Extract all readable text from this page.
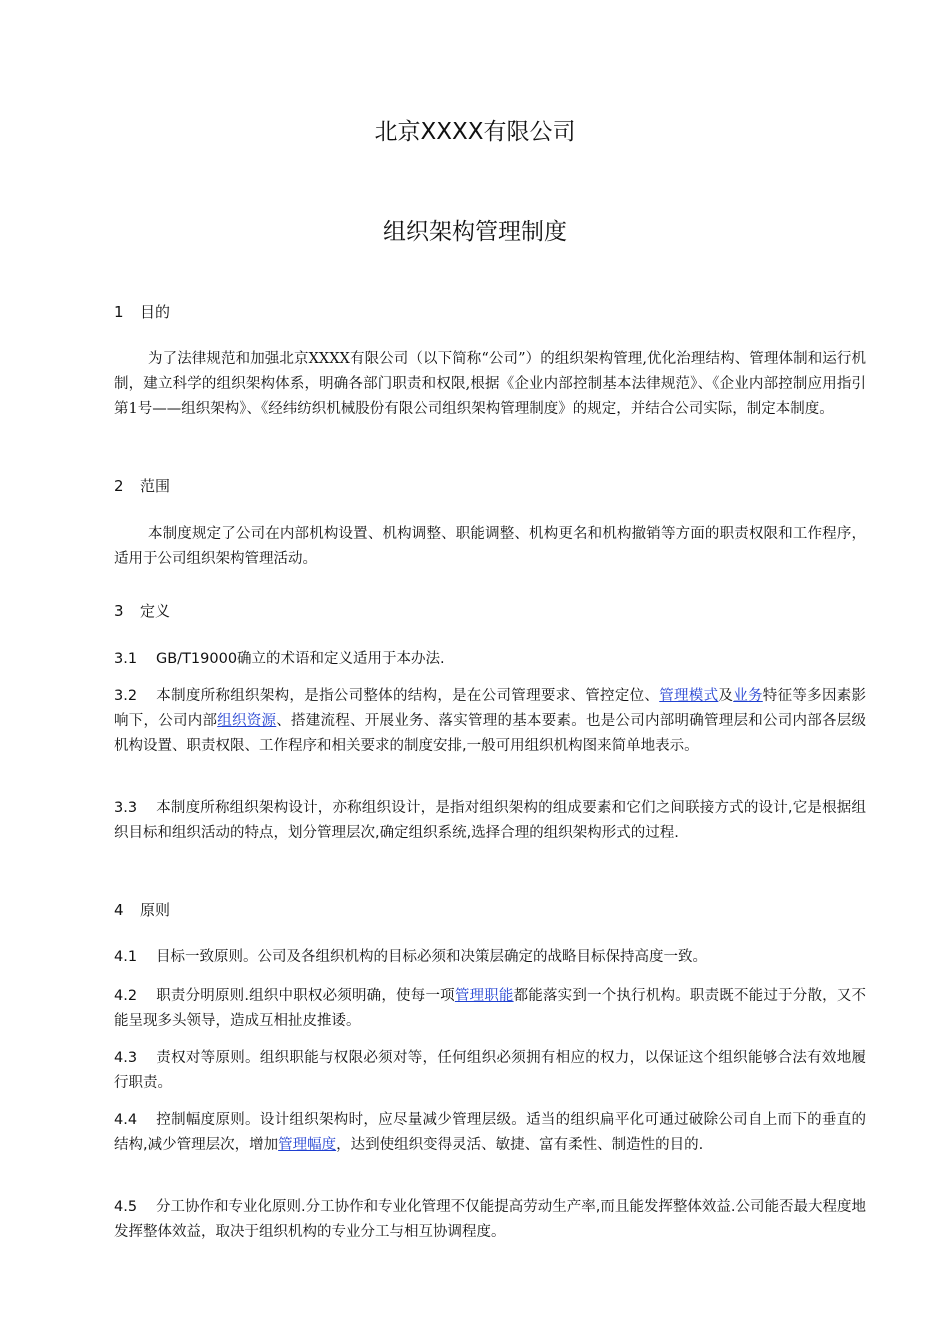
北京XXXX有限公司
组织架构管理制度
1 目的

为了法律规范和加强北京XXXX有限公司（以下简称“公司”）的组织架构管理,优化治理结构、管理体制和运行机制，建立科学的组织架构体系，明确各部门职责和权限,根据《企业内部控制基本法律规范》、《企业内部控制应用指引第1号——组织架构》、《经纬纺织机械股份有限公司组织架构管理制度》的规定，并结合公司实际，制定本制度。

2 范围

本制度规定了公司在内部机构设置、机构调整、职能调整、机构更名和机构撤销等方面的职责权限和工作程序，适用于公司组织架构管理活动。

3 定义

3.1 GB/T19000确立的术语和定义适用于本办法.

3.2 本制度所称组织架构，是指公司整体的结构，是在公司管理要求、管控定位、管理模式及业务特征等多因素影响下，公司内部组织资源、搭建流程、开展业务、落实管理的基本要素。也是公司内部明确管理层和公司内部各层级机构设置、职责权限、工作程序和相关要求的制度安排,一般可用组织机构图来简单地表示。

3.3 本制度所称组织架构设计，亦称组织设计，是指对组织架构的组成要素和它们之间联接方式的设计,它是根据组织目标和组织活动的特点，划分管理层次,确定组织系统,选择合理的组织架构形式的过程.

4 原则

4.1 目标一致原则。公司及各组织机构的目标必须和决策层确定的战略目标保持高度一致。

4.2 职责分明原则.组织中职权必须明确，使每一项管理职能都能落实到一个执行机构。职责既不能过于分散，又不能呈现多头领导，造成互相扯皮推诿。

4.3 责权对等原则。组织职能与权限必须对等，任何组织必须拥有相应的权力，以保证这个组织能够合法有效地履行职责。

4.4 控制幅度原则。设计组织架构时，应尽量减少管理层级。适当的组织扁平化可通过破除公司自上而下的垂直的结构,减少管理层次，增加管理幅度，达到使组织变得灵活、敏捷、富有柔性、制造性的目的.

4.5 分工协作和专业化原则.分工协作和专业化管理不仅能提高劳动生产率,而且能发挥整体效益.公司能否最大程度地发挥整体效益，取决于组织机构的专业分工与相互协调程度。
